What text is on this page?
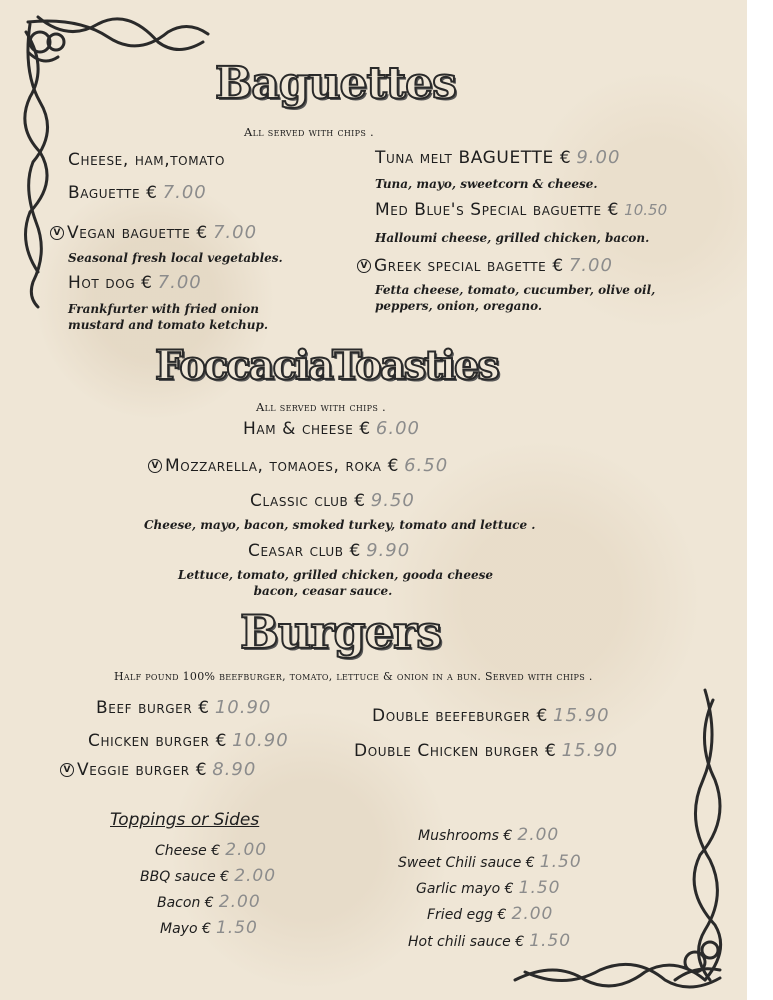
Baguettes
All served with chips .
Cheese, ham,tomato
Baguette € 7.00
V Vegan baguette € 7.00
Seasonal fresh local vegetables.
Hot dog € 7.00
Frankfurter with fried onion
mustard and tomato ketchup.
Tuna melt BAGUETTE € 9.00
Tuna, mayo, sweetcorn & cheese.
Med Blue's Special baguette € 10.50
Halloumi cheese, grilled chicken, bacon.
V Greek special bagette € 7.00
Fetta cheese, tomato, cucumber, olive oil,
peppers, onion, oregano.
FoccaciaToasties
All served with chips .
Ham & cheese € 6.00
V Mozzarella, tomaoes, roka € 6.50
Classic club € 9.50
Cheese, mayo, bacon, smoked turkey, tomato and lettuce .
Ceasar club € 9.90
Lettuce, tomato, grilled chicken, gooda cheese
bacon, ceasar sauce.
Burgers
Half pound 100% beefburger, tomato, lettuce & onion in a bun. Served with chips .
Beef burger € 10.90
Chicken burger € 10.90
V Veggie burger € 8.90
Double beefeburger € 15.90
Double Chicken burger € 15.90
Toppings or Sides
Cheese € 2.00
BBQ sauce € 2.00
Bacon € 2.00
Mayo € 1.50
Mushrooms € 2.00
Sweet Chili sauce € 1.50
Garlic mayo € 1.50
Fried egg € 2.00
Hot chili sauce € 1.50
